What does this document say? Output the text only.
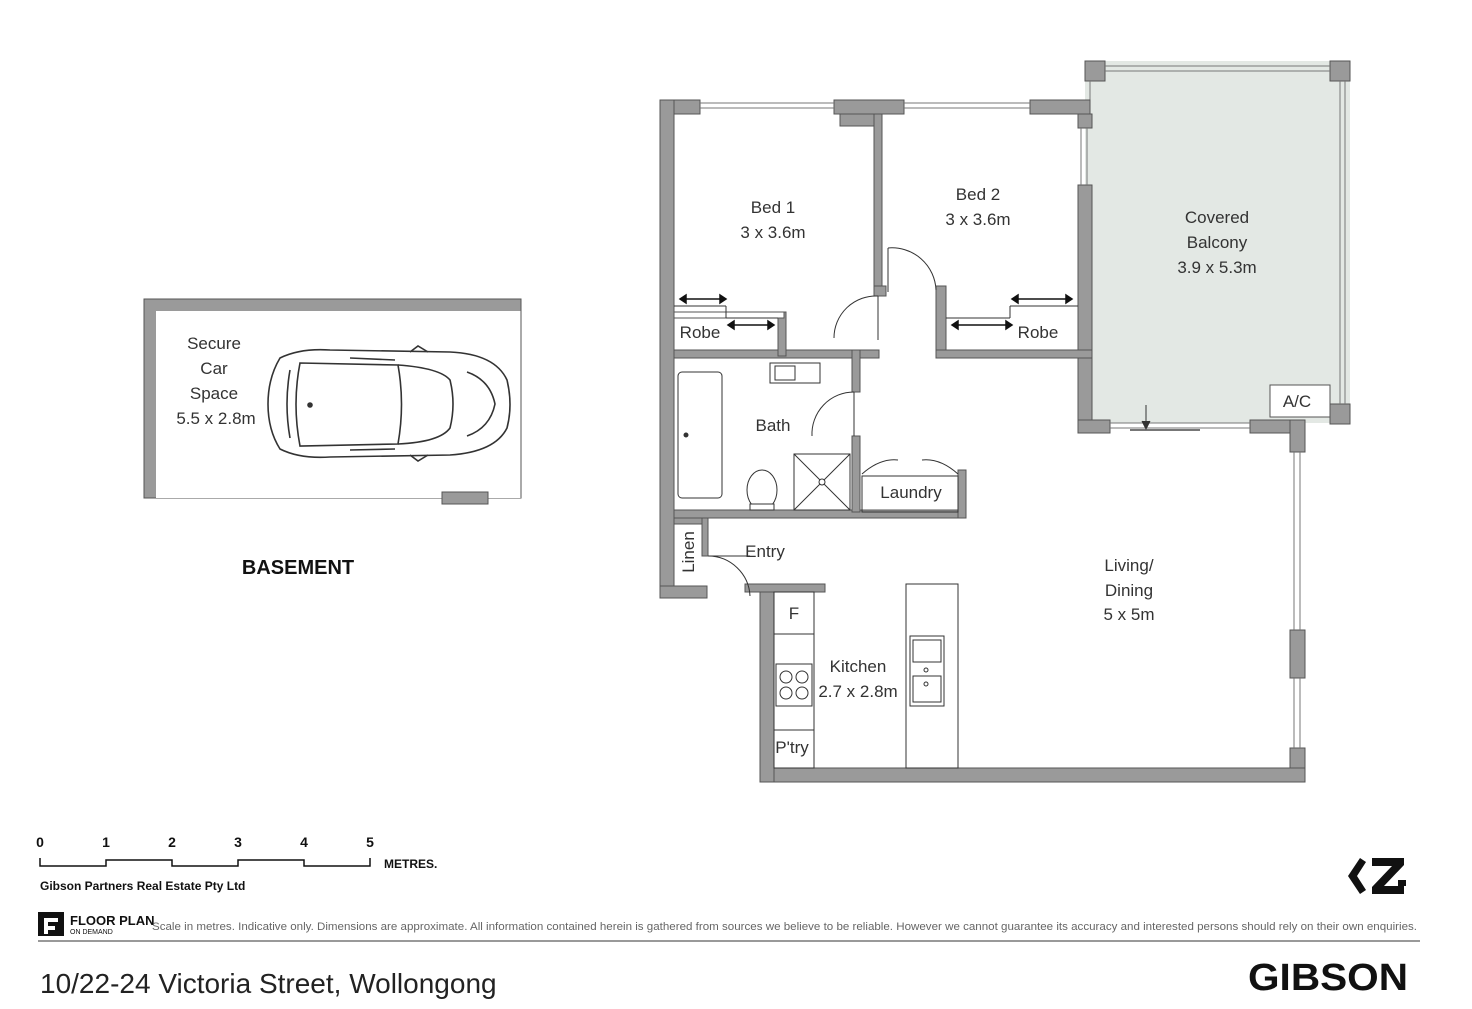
Secure
Car
Space
5.5 x 2.8m
BASEMENT
Bed 1
3 x 3.6m
Bed 2
3 x 3.6m	Covered
Balcony
3.9 x 5.3m
Robe	Robe
Bath
Laundry
A/C
Entry
Living/
Dining
5 x 5m
F
Kitchen
2.7 x 2.8m
P'try
Linen
0	1	2	3	4	5
METRES.
Gibson Partners Real Estate Pty Ltd
FLOOR PLAN
ON DEMAND	Scale in metres. Indicative only. Dimensions are approximate. All information contained herein is gathered from sources we believe to be reliable. However we cannot guarantee its accuracy and interested persons should rely on their own enquiries.
10/22-24 Victoria Street, Wollongong	GIBSON
